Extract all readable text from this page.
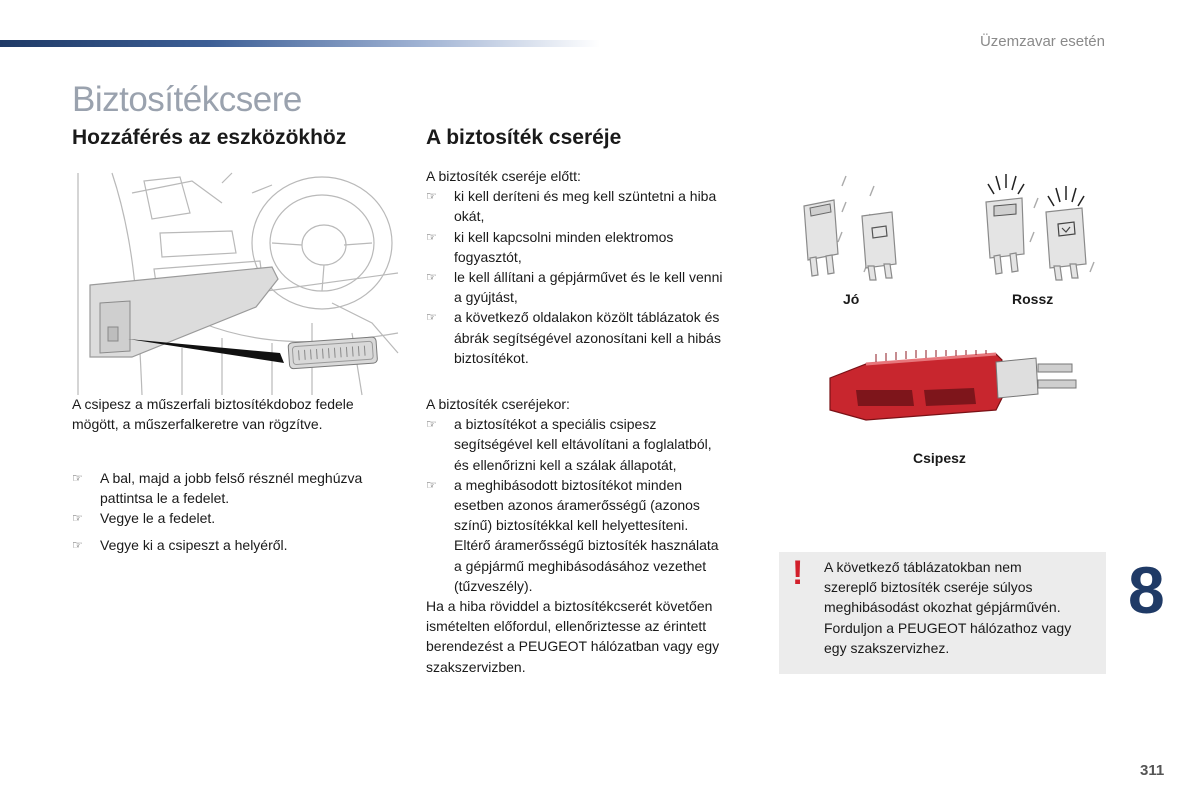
Üzemzavar esetén
Biztosítékcsere
Hozzáférés az eszközökhöz
A csipesz a műszerfali biztosítékdoboz fedele
mögött, a műszerfalkeretre van rögzítve.
☞ A bal, majd a jobb felső résznél meghúzva
pattintsa le a fedelet.
☞ Vegye le a fedelet.
☞ Vegye ki a csipeszt a helyéről.
A biztosíték cseréje
A biztosíték cseréje előtt:
☞ ki kell deríteni és meg kell szüntetni a hiba
okát,
☞ ki kell kapcsolni minden elektromos
fogyasztót,
☞ le kell állítani a gépjárművet és le kell venni
a gyújtást,
☞ a következő oldalakon közölt táblázatok és
ábrák segítségével azonosítani kell a hibás
biztosítékot.
A biztosíték cseréjekor:
☞ a biztosítékot a speciális csipesz
segítségével kell eltávolítani a foglalatból,
és ellenőrizni kell a szálak állapotát,
☞ a meghibásodott biztosítékot minden
esetben azonos áramerősségű (azonos
színű) biztosítékkal kell helyettesíteni.
Eltérő áramerősségű biztosíték használata
a gépjármű meghibásodásához vezethet
(tűzveszély).
Ha a hiba röviddel a biztosítékcserét követően
ismételten előfordul, ellenőriztesse az érintett
berendezést a PEUGEOT hálózatban vagy egy
szakszervizben.
Jó	Rossz
Csipesz
! A következő táblázatokban nem
szereplő biztosíték cseréje súlyos
meghibásodást okozhat gépjárművén.
Forduljon a PEUGEOT hálózathoz vagy
egy szakszervizhez.
8
311
